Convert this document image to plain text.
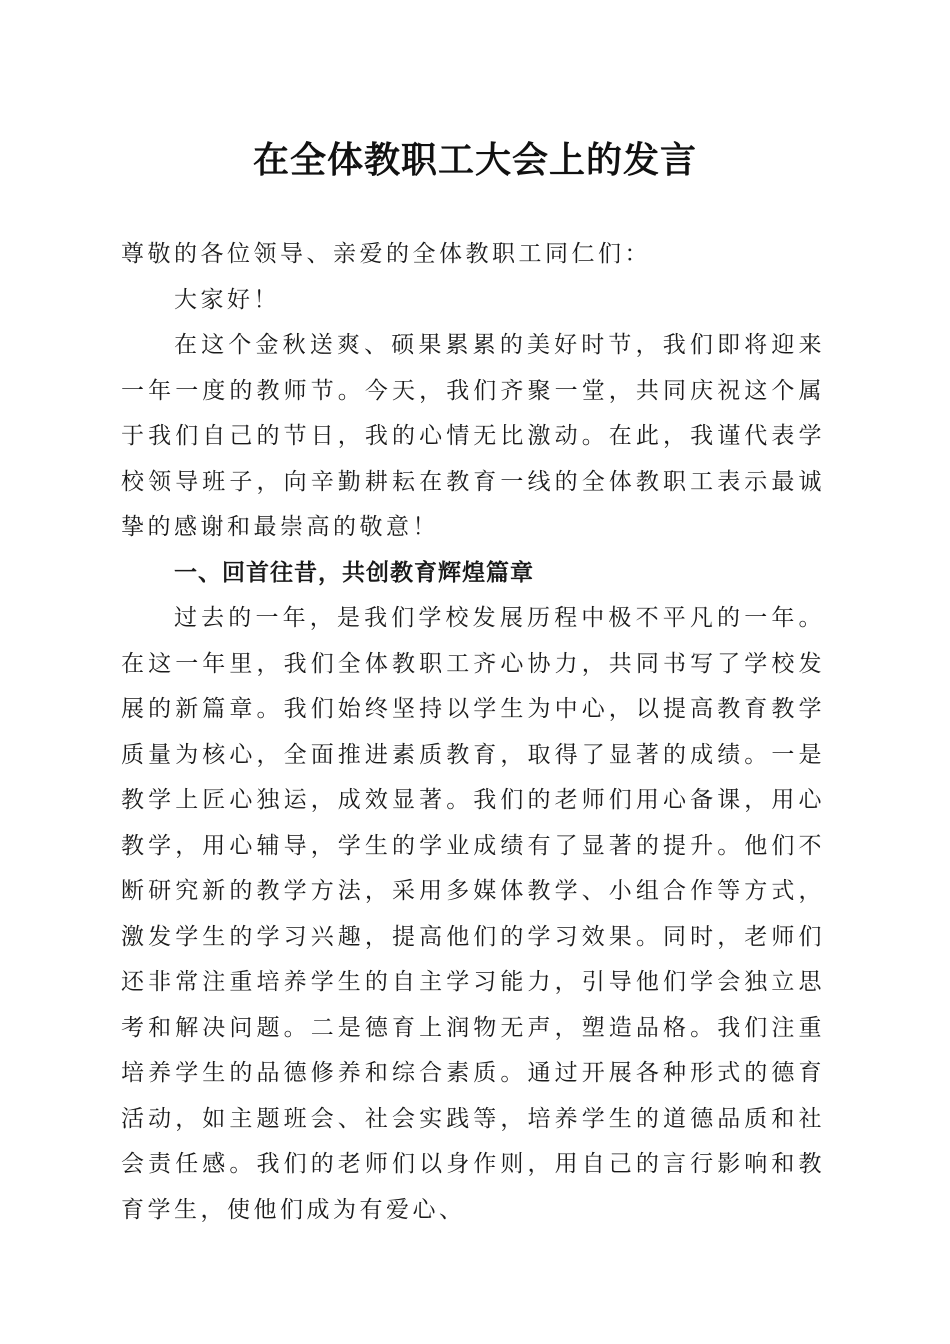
在全体教职工大会上的发言

尊敬的各位领导、亲爱的全体教职工同仁们：

大家好！

在这个金秋送爽、硕果累累的美好时节，我们即将迎来一年一度的教师节。今天，我们齐聚一堂，共同庆祝这个属于我们自己的节日，我的心情无比激动。在此，我谨代表学校领导班子，向辛勤耕耘在教育一线的全体教职工表示最诚挚的感谢和最崇高的敬意！

一、回首往昔，共创教育辉煌篇章

过去的一年，是我们学校发展历程中极不平凡的一年。在这一年里，我们全体教职工齐心协力，共同书写了学校发展的新篇章。我们始终坚持以学生为中心，以提高教育教学质量为核心，全面推进素质教育，取得了显著的成绩。一是教学上匠心独运，成效显著。我们的老师们用心备课，用心教学，用心辅导，学生的学业成绩有了显著的提升。他们不断研究新的教学方法，采用多媒体教学、小组合作等方式，激发学生的学习兴趣，提高他们的学习效果。同时，老师们还非常注重培养学生的自主学习能力，引导他们学会独立思考和解决问题。二是德育上润物无声，塑造品格。我们注重培养学生的品德修养和综合素质。通过开展各种形式的德育活动，如主题班会、社会实践等，培养学生的道德品质和社会责任感。我们的老师们以身作则，用自己的言行影响和教育学生，使他们成为有爱心、
